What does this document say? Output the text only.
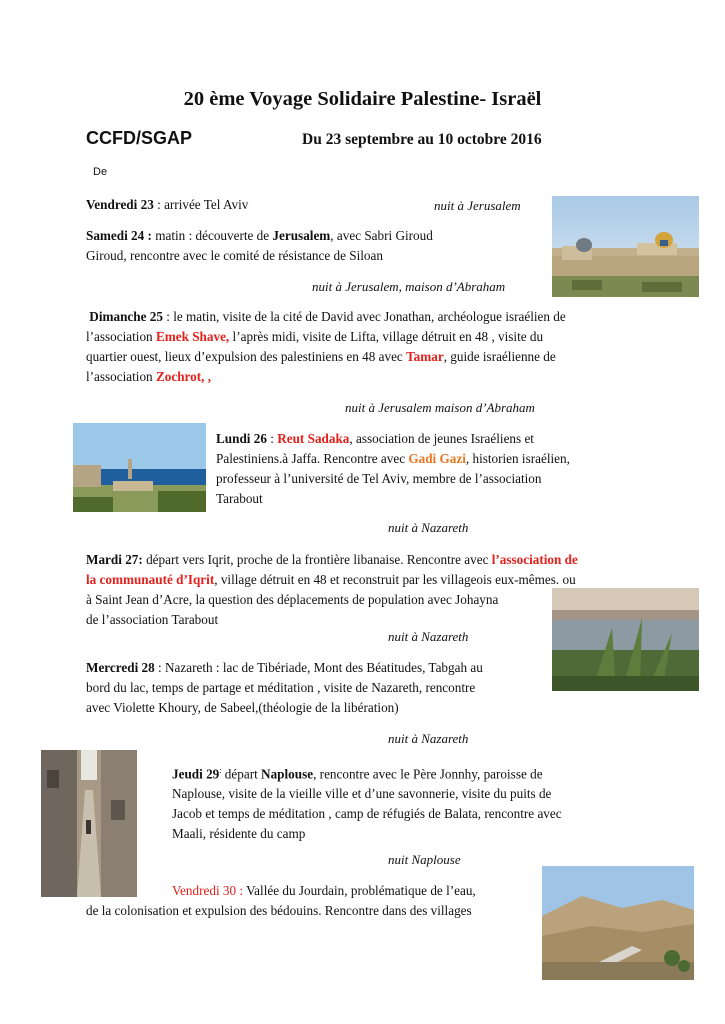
20 ème Voyage Solidaire Palestine- Israël
CCFD/SGAP	Du 23 septembre au 10 octobre 2016
De
Vendredi 23 : arrivée Tel Aviv	nuit à Jerusalem
Samedi 24 : matin : découverte de Jerusalem, avec Sabri Giroud
Giroud, rencontre avec le comité de résistance de Siloan
nuit à Jerusalem, maison d’Abraham
Dimanche 25 : le matin, visite de la cité de David avec Jonathan, archéologue israélien de
l’association Emek Shave, l’après midi, visite de Lifta, village détruit en 48 , visite du
quartier ouest, lieux d’expulsion des palestiniens en 48 avec Tamar, guide israélienne de
l’association Zochrot, ,
nuit à Jerusalem maison d’Abraham
Lundi 26 : Reut Sadaka, association de jeunes Israéliens et
Palestiniens.à Jaffa. Rencontre avec Gadi Gazi, historien israélien,
professeur à l’université de Tel Aviv, membre de l’association
Tarabout
nuit à Nazareth
Mardi 27: départ vers Iqrit, proche de la frontière libanaise. Rencontre avec l’association de
la communauté d’Iqrit, village détruit en 48 et reconstruit par les villageois eux-mêmes. ou
à Saint Jean d’Acre, la question des déplacements de population avec Johayna
de l’association Tarabout
nuit à Nazareth
Mercredi 28 : Nazareth : lac de Tibériade, Mont des Béatitudes, Tabgah au
bord du lac, temps de partage et méditation , visite de Nazareth, rencontre
avec Violette Khoury, de Sabeel,(théologie de la libération)
nuit à Nazareth
Jeudi 29: départ Naplouse, rencontre avec le Père Jonnhy, paroisse de
Naplouse, visite de la vieille ville et d’une savonnerie, visite du puits de
Jacob et temps de méditation , camp de réfugiés de Balata, rencontre avec
Maali, résidente du camp
nuit Naplouse
Vendredi 30 : Vallée du Jourdain, problématique de l’eau,
de la colonisation et expulsion des bédouins. Rencontre dans des villages
